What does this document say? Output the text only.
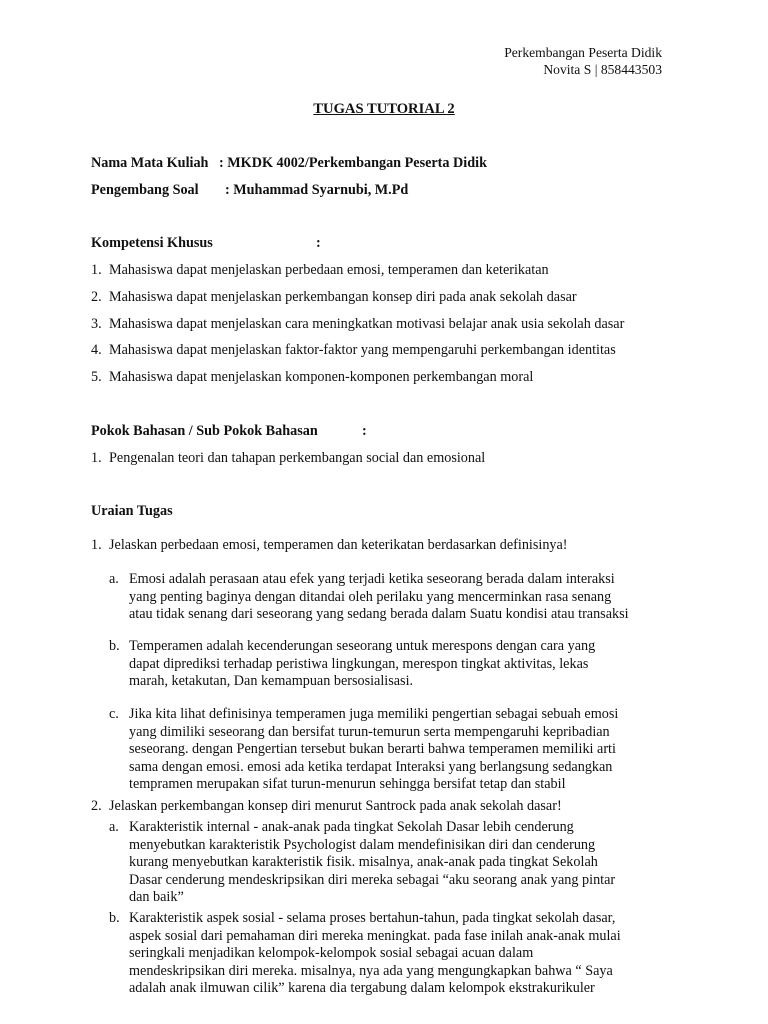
Perkembangan Peserta Didik
Novita S | 858443503
TUGAS TUTORIAL 2
Nama Mata Kuliah : MKDK 4002/Perkembangan Peserta Didik
Pengembang Soal : Muhammad Syarnubi, M.Pd
Kompetensi Khusus	:
1. Mahasiswa dapat menjelaskan perbedaan emosi, temperamen dan keterikatan
2. Mahasiswa dapat menjelaskan perkembangan konsep diri pada anak sekolah dasar
3. Mahasiswa dapat menjelaskan cara meningkatkan motivasi belajar anak usia sekolah dasar
4. Mahasiswa dapat menjelaskan faktor-faktor yang mempengaruhi perkembangan identitas
5. Mahasiswa dapat menjelaskan komponen-komponen perkembangan moral
Pokok Bahasan / Sub Pokok Bahasan	:
1. Pengenalan teori dan tahapan perkembangan social dan emosional
Uraian Tugas
1. Jelaskan perbedaan emosi, temperamen dan keterikatan berdasarkan definisinya!
a. Emosi adalah perasaan atau efek yang terjadi ketika seseorang berada dalam interaksi
yang penting baginya dengan ditandai oleh perilaku yang mencerminkan rasa senang
atau tidak senang dari seseorang yang sedang berada dalam Suatu kondisi atau transaksi
b. Temperamen adalah kecenderungan seseorang untuk merespons dengan cara yang
dapat diprediksi terhadap peristiwa lingkungan, merespon tingkat aktivitas, lekas
marah, ketakutan, Dan kemampuan bersosialisasi.
c. Jika kita lihat definisinya temperamen juga memiliki pengertian sebagai sebuah emosi
yang dimiliki seseorang dan bersifat turun-temurun serta mempengaruhi kepribadian
seseorang. dengan Pengertian tersebut bukan berarti bahwa temperamen memiliki arti
sama dengan emosi. emosi ada ketika terdapat Interaksi yang berlangsung sedangkan
tempramen merupakan sifat turun-menurun sehingga bersifat tetap dan stabil
2. Jelaskan perkembangan konsep diri menurut Santrock pada anak sekolah dasar!
a. Karakteristik internal - anak-anak pada tingkat Sekolah Dasar lebih cenderung
menyebutkan karakteristik Psychologist dalam mendefinisikan diri dan cenderung
kurang menyebutkan karakteristik fisik. misalnya, anak-anak pada tingkat Sekolah
Dasar cenderung mendeskripsikan diri mereka sebagai “aku seorang anak yang pintar
dan baik”
b. Karakteristik aspek sosial - selama proses bertahun-tahun, pada tingkat sekolah dasar,
aspek sosial dari pemahaman diri mereka meningkat. pada fase inilah anak-anak mulai
seringkali menjadikan kelompok-kelompok sosial sebagai acuan dalam
mendeskripsikan diri mereka. misalnya, nya ada yang mengungkapkan bahwa “ Saya
adalah anak ilmuwan cilik” karena dia tergabung dalam kelompok ekstrakurikuler
